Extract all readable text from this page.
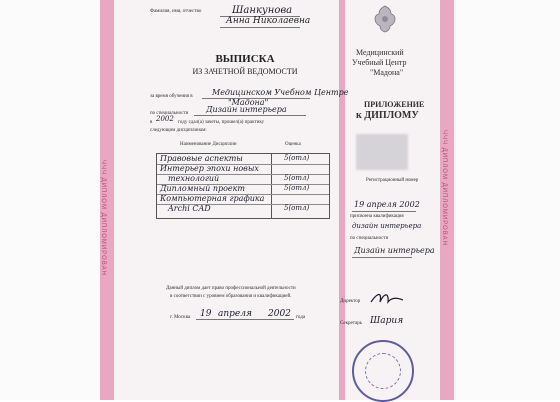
ЧЧЧ ДИПЛОМ ДИПЛОМИРОВАН	ЧЧЧ ДИПЛОМ ДИПЛОМИРОВАН
Фамилия, имя, отчество	Шанкунова
Анна Николаевна
ВЫПИСКА
ИЗ ЗАЧЕТНОЙ ВЕДОМОСТИ
за время обучения в Медицинском Учебном Центре
"Мадона"
по специальности Дизайн интерьера
в 2002 году сдал(а) зачеты, прошел(а) практику
следующим дисциплинам:
Наименование Дисциплин	Оценка
Правовые аспекты	5(отл)
Интерьер эпохи новых
технологий	5(отл)
Дипломный проект	5(отл)
Компьютерная графика
Archi CAD	5(отл)
Данный диплом дает право профессиональной деятельности
в соответствии с уровнем образования и квалификацией.
г. Москва 19 апреля 2002 года
Медицинский
Учебный Центр
"Мадона"
ПРИЛОЖЕНИЕ
к ДИПЛОМУ
Регистрационный номер
19 апреля 2002
присвоена квалификация
дизайн интерьера
по специальности
Дизайн интерьера
Директор
Секретарь Шария
